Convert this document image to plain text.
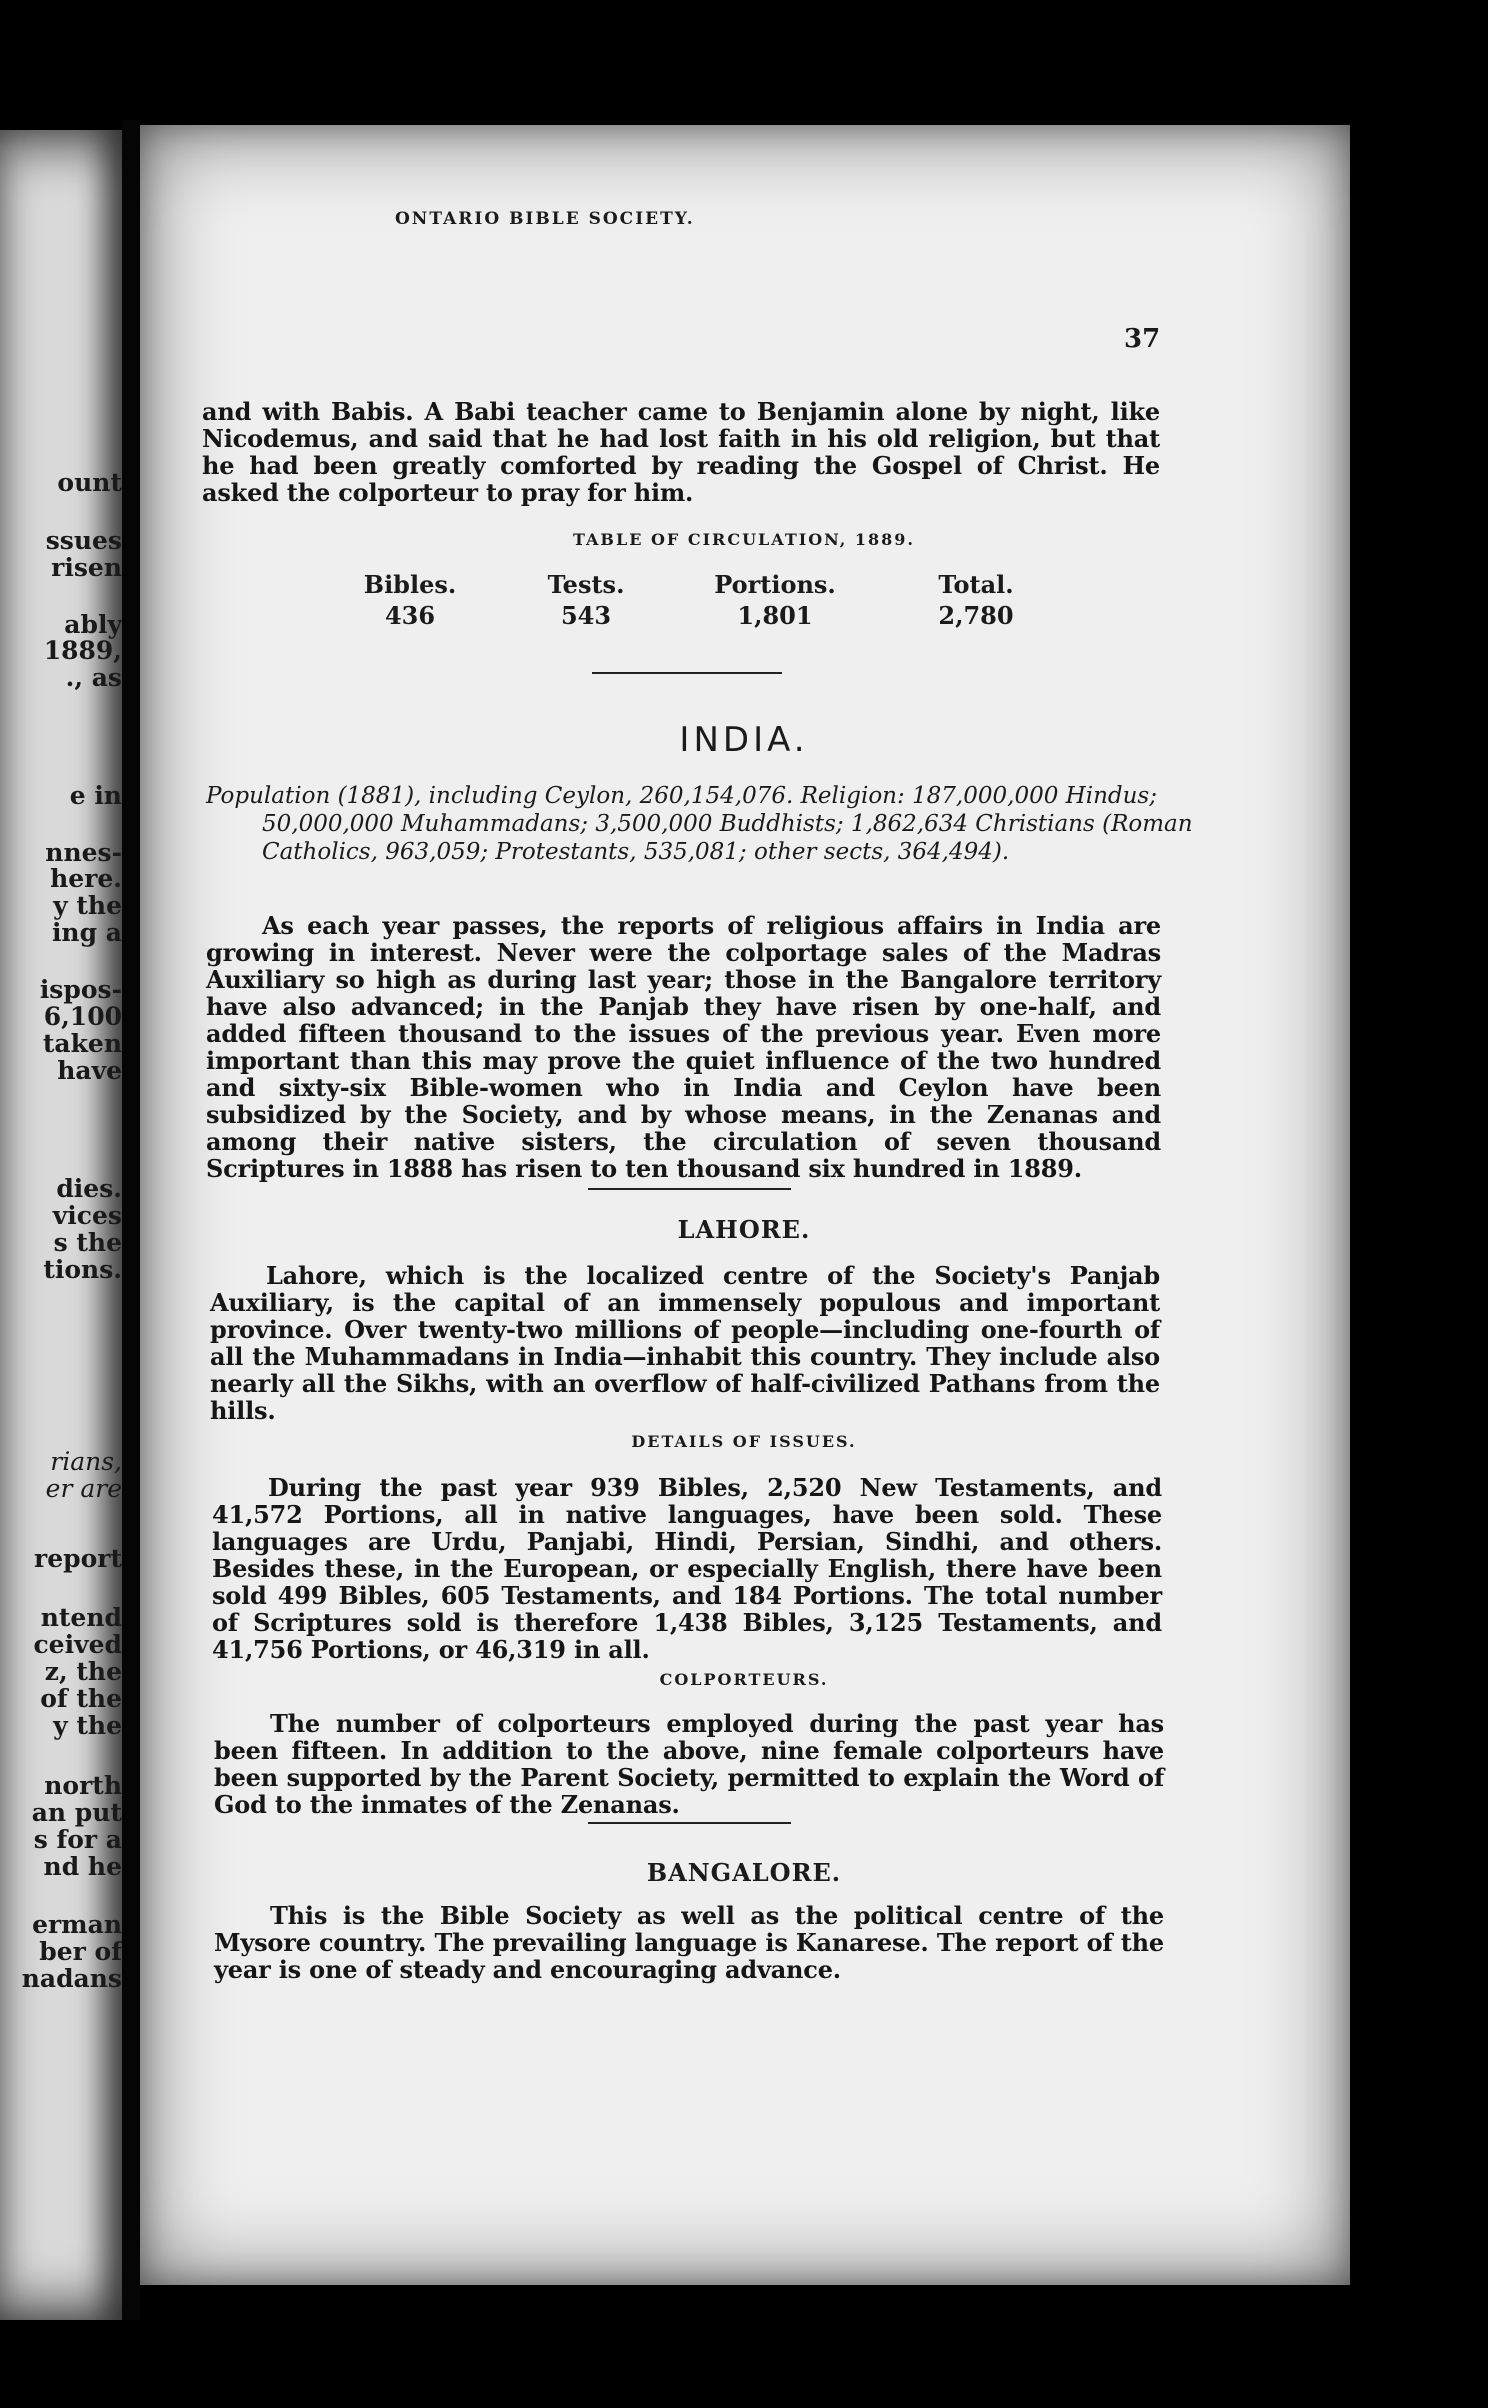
ount
ssues
risen
ably
1889,
., as
e in
nnes-
here.
y the
ing a
ispos-
6,100
taken
have
dies.
vices
s the
tions.
rians,
er are
report
ntend
ceived
z, the
of the
y the
north
an put
s for a
nd he
erman
ber of
nadans
ONTARIO BIBLE SOCIETY.
37
and with Babis. A Babi teacher came to Benjamin alone by night, like Nicodemus, and said that he had lost faith in his old religion, but that he had been greatly comforted by reading the Gospel of Christ. He asked the colporteur to pray for him.
TABLE OF CIRCULATION, 1889.
Bibles.
436
Tests.
543
Portions.
1,801
Total.
2,780
INDIA.
Population (1881), including Ceylon, 260,154,076. Religion: 187,000,000 Hindus; 50,000,000 Muhammadans; 3,500,000 Buddhists; 1,862,634 Christians (Roman Catholics, 963,059; Protestants, 535,081; other sects, 364,494).
As each year passes, the reports of religious affairs in India are growing in interest. Never were the colportage sales of the Madras Auxiliary so high as during last year; those in the Bangalore territory have also advanced; in the Panjab they have risen by one-half, and added fifteen thousand to the issues of the previous year. Even more important than this may prove the quiet influence of the two hundred and sixty-six Bible-women who in India and Ceylon have been subsidized by the Society, and by whose means, in the Zenanas and among their native sisters, the circulation of seven thousand Scriptures in 1888 has risen to ten thousand six hundred in 1889.
LAHORE.
Lahore, which is the localized centre of the Society's Panjab Auxiliary, is the capital of an immensely populous and important province. Over twenty-two millions of people—including one-fourth of all the Muhammadans in India—inhabit this country. They include also nearly all the Sikhs, with an overflow of half-civilized Pathans from the hills.
DETAILS OF ISSUES.
During the past year 939 Bibles, 2,520 New Testaments, and 41,572 Portions, all in native languages, have been sold. These languages are Urdu, Panjabi, Hindi, Persian, Sindhi, and others. Besides these, in the European, or especially English, there have been sold 499 Bibles, 605 Testaments, and 184 Portions. The total number of Scriptures sold is therefore 1,438 Bibles, 3,125 Testaments, and 41,756 Portions, or 46,319 in all.
COLPORTEURS.
The number of colporteurs employed during the past year has been fifteen. In addition to the above, nine female colporteurs have been supported by the Parent Society, permitted to explain the Word of God to the inmates of the Zenanas.
BANGALORE.
This is the Bible Society as well as the political centre of the Mysore country. The prevailing language is Kanarese. The report of the year is one of steady and encouraging advance.
